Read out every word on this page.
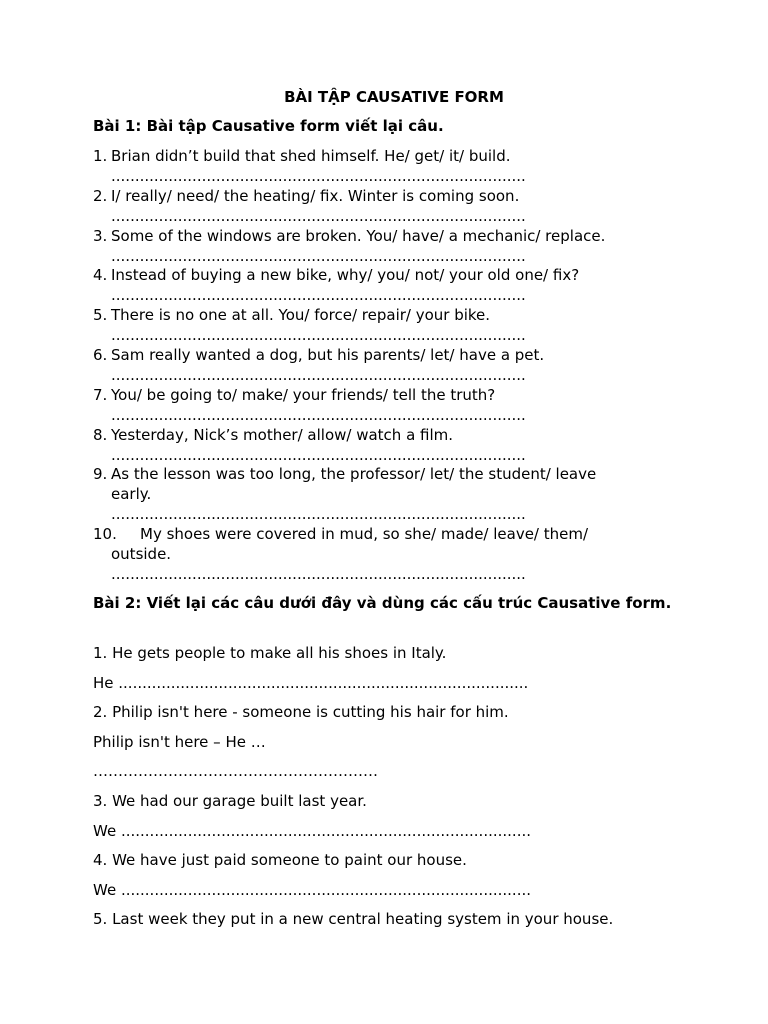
BÀI TẬP CAUSATIVE FORM
Bài 1: Bài tập Causative form viết lại câu.
1. Brian didn’t build that shed himself. He/ get/ it/ build.
.......................................................................................
2. I/ really/ need/ the heating/ fix. Winter is coming soon.
.......................................................................................
3. Some of the windows are broken. You/ have/ a mechanic/ replace.
.......................................................................................
4. Instead of buying a new bike, why/ you/ not/ your old one/ fix?
.......................................................................................
5. There is no one at all. You/ force/ repair/ your bike.
.......................................................................................
6. Sam really wanted a dog, but his parents/ let/ have a pet.
.......................................................................................
7. You/ be going to/ make/ your friends/ tell the truth?
.......................................................................................
8. Yesterday, Nick’s mother/ allow/ watch a film.
.......................................................................................
9. As the lesson was too long, the professor/ let/ the student/ leave
early.
.......................................................................................
10. My shoes were covered in mud, so she/ made/ leave/ them/
outside.
.......................................................................................
Bài 2: Viết lại các câu dưới đây và dùng các cấu trúc Causative form.
1. He gets people to make all his shoes in Italy.
He ......................................................................................
2. Philip isn't here - someone is cutting his hair for him.
Philip isn't here – He …
…………………………………………………
3. We had our garage built last year.
We ......................................................................................
4. We have just paid someone to paint our house.
We ......................................................................................
5. Last week they put in a new central heating system in your house.
